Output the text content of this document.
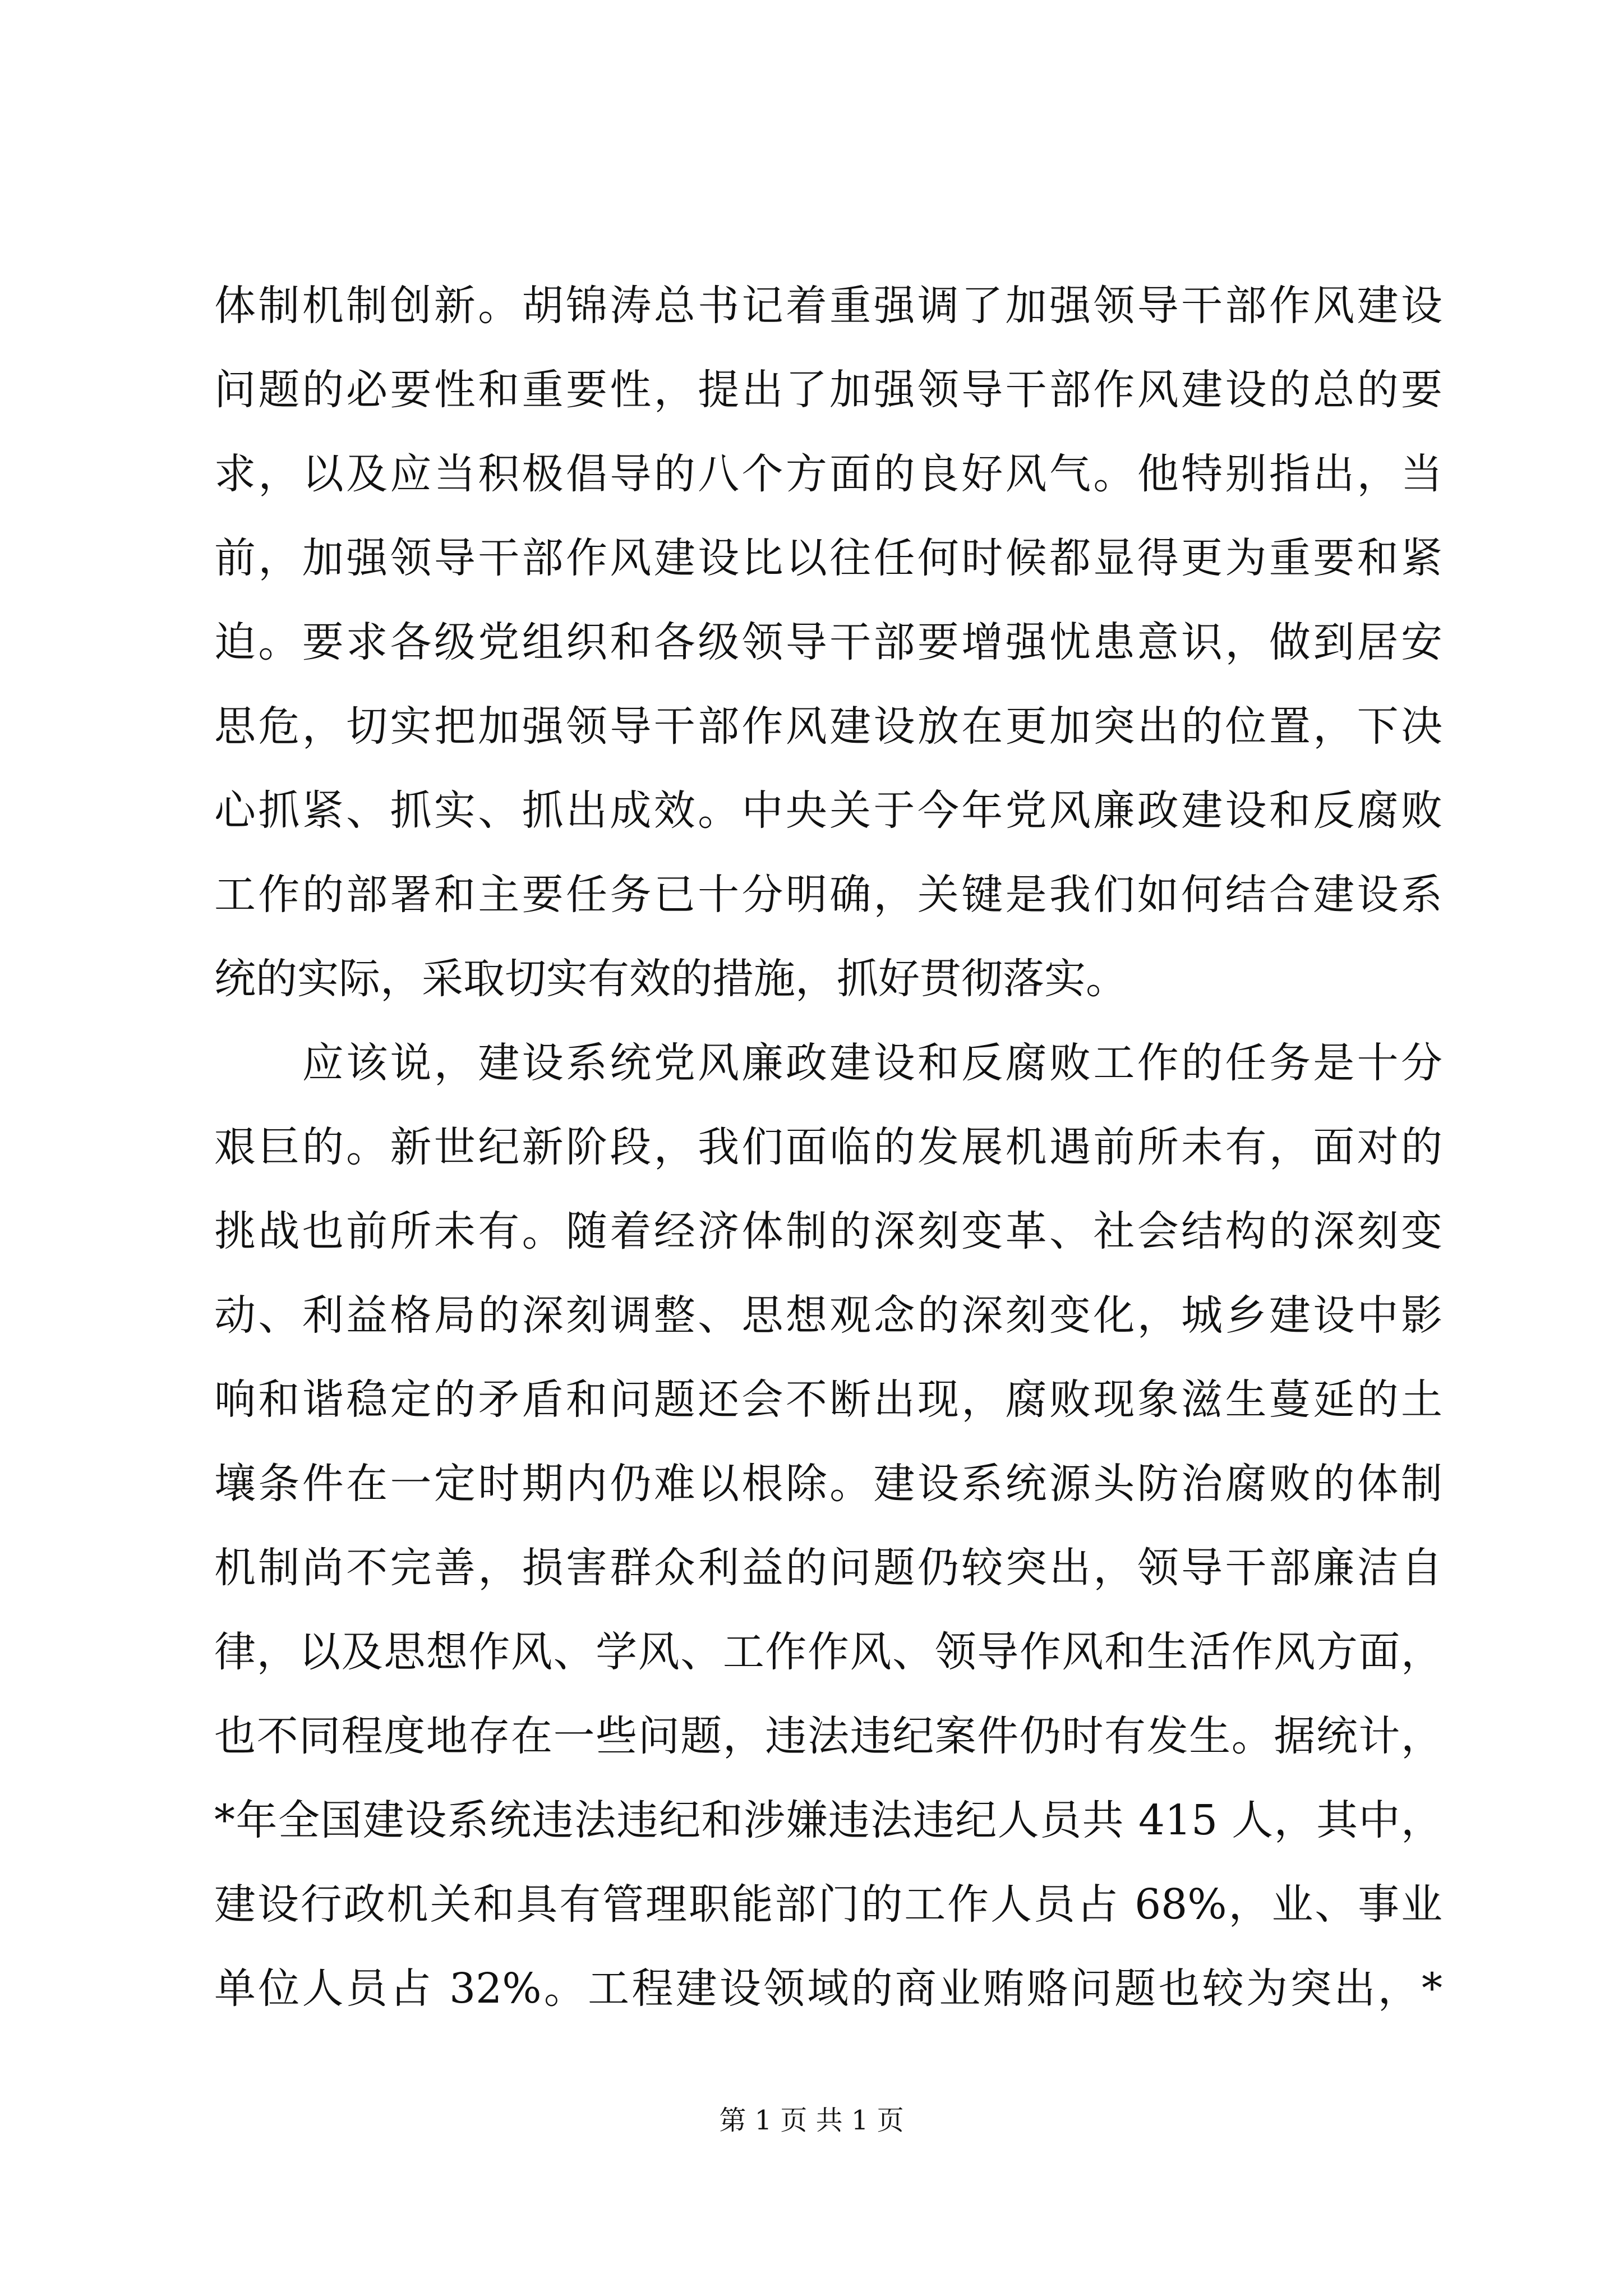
体制机制创新。胡锦涛总书记着重强调了加强领导干部作风建设
问题的必要性和重要性，提出了加强领导干部作风建设的总的要
求，以及应当积极倡导的八个方面的良好风气。他特别指出，当
前，加强领导干部作风建设比以往任何时候都显得更为重要和紧
迫。要求各级党组织和各级领导干部要增强忧患意识，做到居安
思危，切实把加强领导干部作风建设放在更加突出的位置，下决
心抓紧、抓实、抓出成效。中央关于今年党风廉政建设和反腐败
工作的部署和主要任务已十分明确，关键是我们如何结合建设系
统的实际，采取切实有效的措施，抓好贯彻落实。
　　应该说，建设系统党风廉政建设和反腐败工作的任务是十分
艰巨的。新世纪新阶段，我们面临的发展机遇前所未有，面对的
挑战也前所未有。随着经济体制的深刻变革、社会结构的深刻变
动、利益格局的深刻调整、思想观念的深刻变化，城乡建设中影
响和谐稳定的矛盾和问题还会不断出现，腐败现象滋生蔓延的土
壤条件在一定时期内仍难以根除。建设系统源头防治腐败的体制
机制尚不完善，损害群众利益的问题仍较突出，领导干部廉洁自
律，以及思想作风、学风、工作作风、领导作风和生活作风方面，
也不同程度地存在一些问题，违法违纪案件仍时有发生。据统计，
*年全国建设系统违法违纪和涉嫌违法违纪人员共 415 人，其中，
建设行政机关和具有管理职能部门的工作人员占 68%，业、事业
单位人员占 32%。工程建设领域的商业贿赂问题也较为突出，*
第 1 页 共 1 页
